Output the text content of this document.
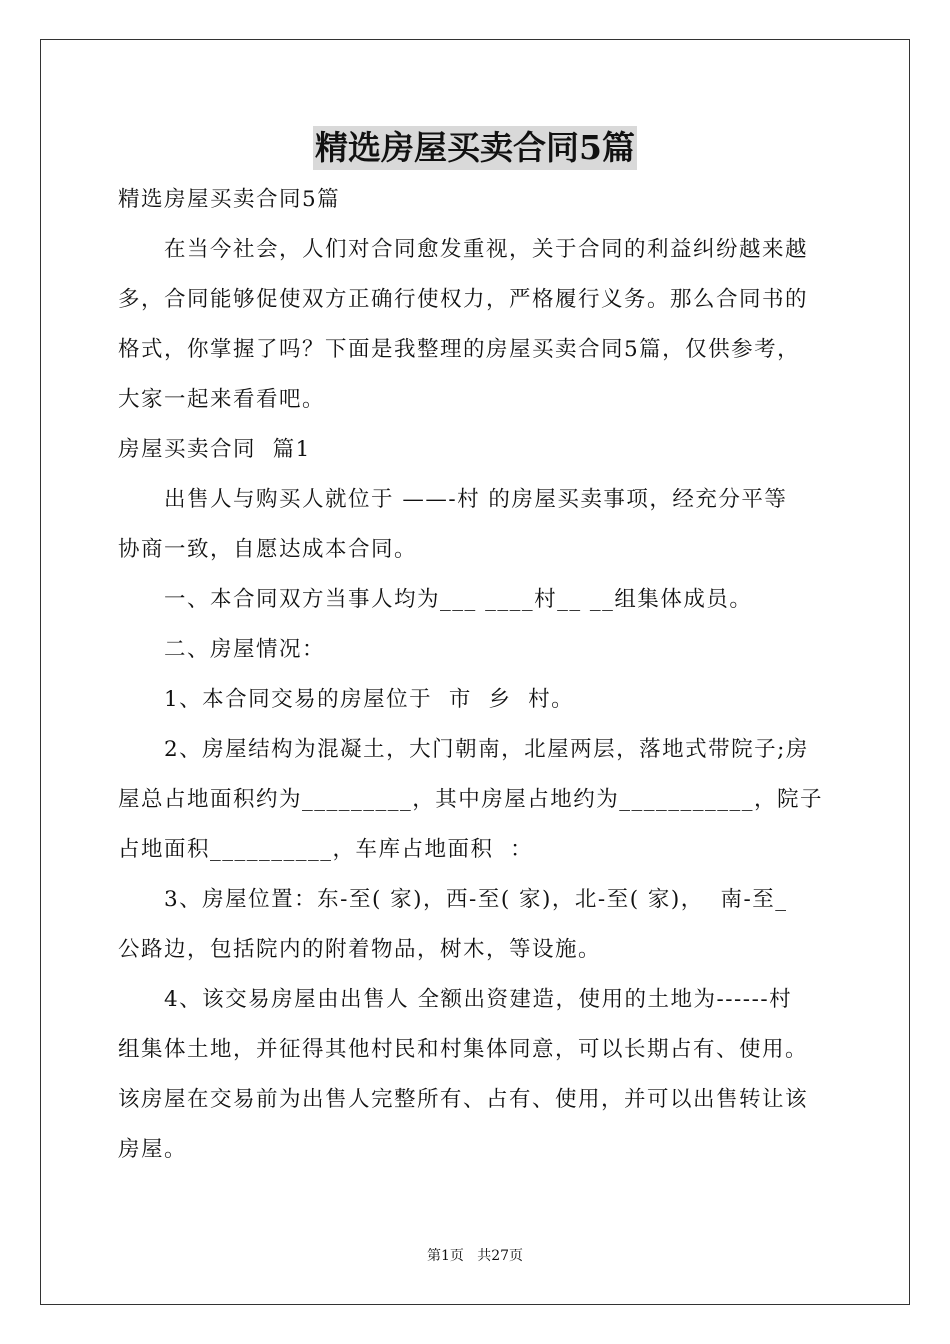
精选房屋买卖合同5篇
精选房屋买卖合同5篇
在当今社会，人们对合同愈发重视，关于合同的利益纠纷越来越
多，合同能够促使双方正确行使权力，严格履行义务。那么合同书的
格式，你掌握了吗？下面是我整理的房屋买卖合同5篇，仅供参考，
大家一起来看看吧。
房屋买卖合同  篇1
出售人与购买人就位于 ——-村 的房屋买卖事项，经充分平等
协商一致，自愿达成本合同。
一、本合同双方当事人均为___ ____村__ __组集体成员。
二、房屋情况：
1、本合同交易的房屋位于  市  乡  村。
2、房屋结构为混凝土，大门朝南，北屋两层，落地式带院子;房
屋总占地面积约为_________，其中房屋占地约为___________，院子
占地面积__________，车库占地面积  ：
3、房屋位置：东-至( 家)，西-至( 家)，北-至( 家)，  南-至_
公路边，包括院内的附着物品，树木，等设施。
4、该交易房屋由出售人 全额出资建造，使用的土地为------村
组集体土地，并征得其他村民和村集体同意，可以长期占有、使用。
该房屋在交易前为出售人完整所有、占有、使用，并可以出售转让该
房屋。
第1页   共27页
